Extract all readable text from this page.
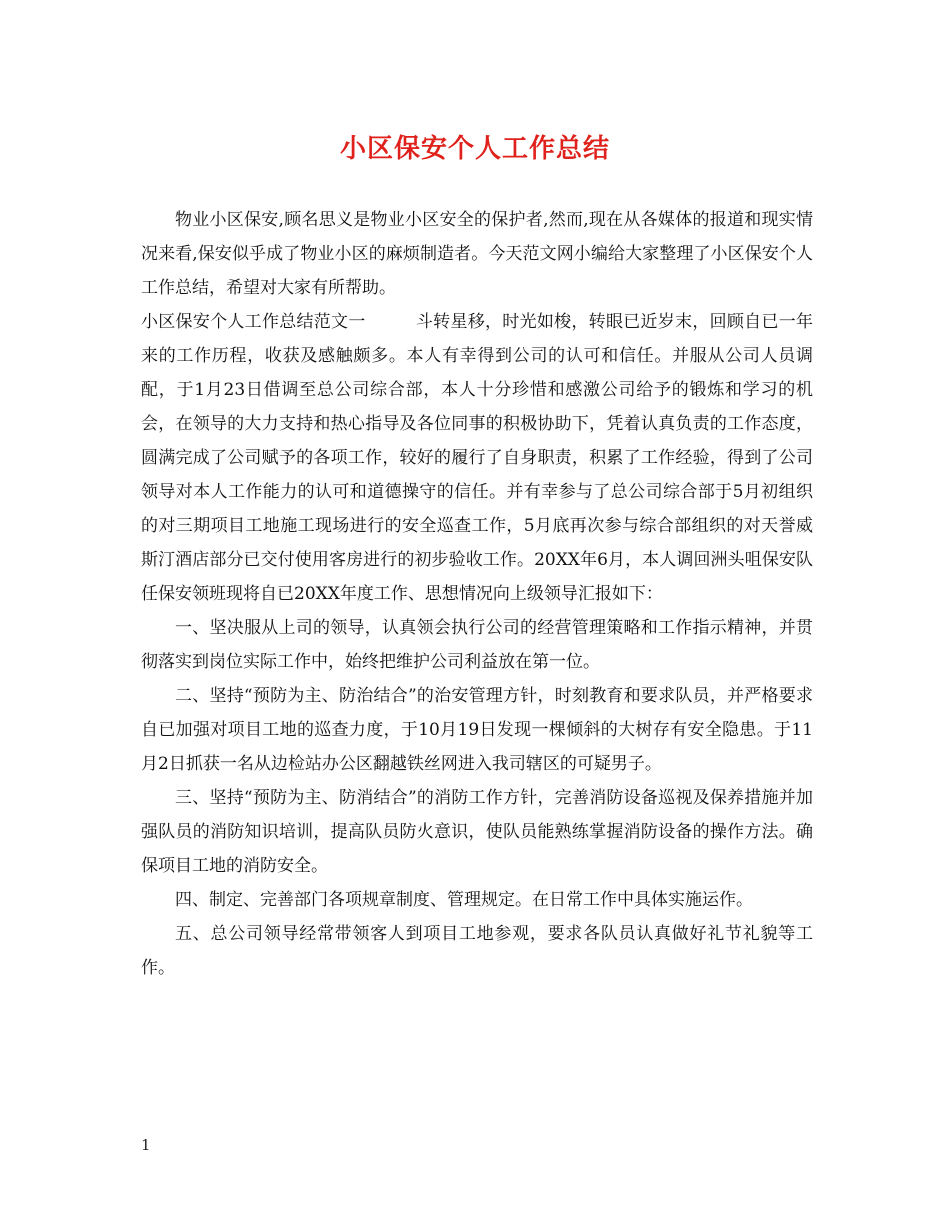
小区保安个人工作总结

物业小区保安,顾名思义是物业小区安全的保护者,然而,现在从各媒体的报道和现实情况来看,保安似乎成了物业小区的麻烦制造者。今天范文网小编给大家整理了小区保安个人工作总结，希望对大家有所帮助。

小区保安个人工作总结范文一	斗转星移，时光如梭，转眼已近岁末，回顾自已一年来的工作历程，收获及感触颇多。本人有幸得到公司的认可和信任。并服从公司人员调配，于1月23日借调至总公司综合部，本人十分珍惜和感激公司给予的锻炼和学习的机会，在领导的大力支持和热心指导及各位同事的积极协助下，凭着认真负责的工作态度，圆满完成了公司赋予的各项工作，较好的履行了自身职责，积累了工作经验，得到了公司领导对本人工作能力的认可和道德操守的信任。并有幸参与了总公司综合部于5月初组织的对三期项目工地施工现场进行的安全巡查工作，5月底再次参与综合部组织的对天誉威斯汀酒店部分已交付使用客房进行的初步验收工作。20XX年6月，本人调回洲头咀保安队任保安领班现将自已20XX年度工作、思想情况向上级领导汇报如下：

一、坚决服从上司的领导，认真领会执行公司的经营管理策略和工作指示精神，并贯彻落实到岗位实际工作中，始终把维护公司利益放在第一位。

二、坚持“预防为主、防治结合”的治安管理方针，时刻教育和要求队员，并严格要求自已加强对项目工地的巡查力度，于10月19日发现一棵倾斜的大树存有安全隐患。于11月2日抓获一名从边检站办公区翻越铁丝网进入我司辖区的可疑男子。

三、坚持“预防为主、防消结合”的消防工作方针，完善消防设备巡视及保养措施并加强队员的消防知识培训，提高队员防火意识，使队员能熟练掌握消防设备的操作方法。确保项目工地的消防安全。

四、制定、完善部门各项规章制度、管理规定。在日常工作中具体实施运作。

五、总公司领导经常带领客人到项目工地参观，要求各队员认真做好礼节礼貌等工作。

1
